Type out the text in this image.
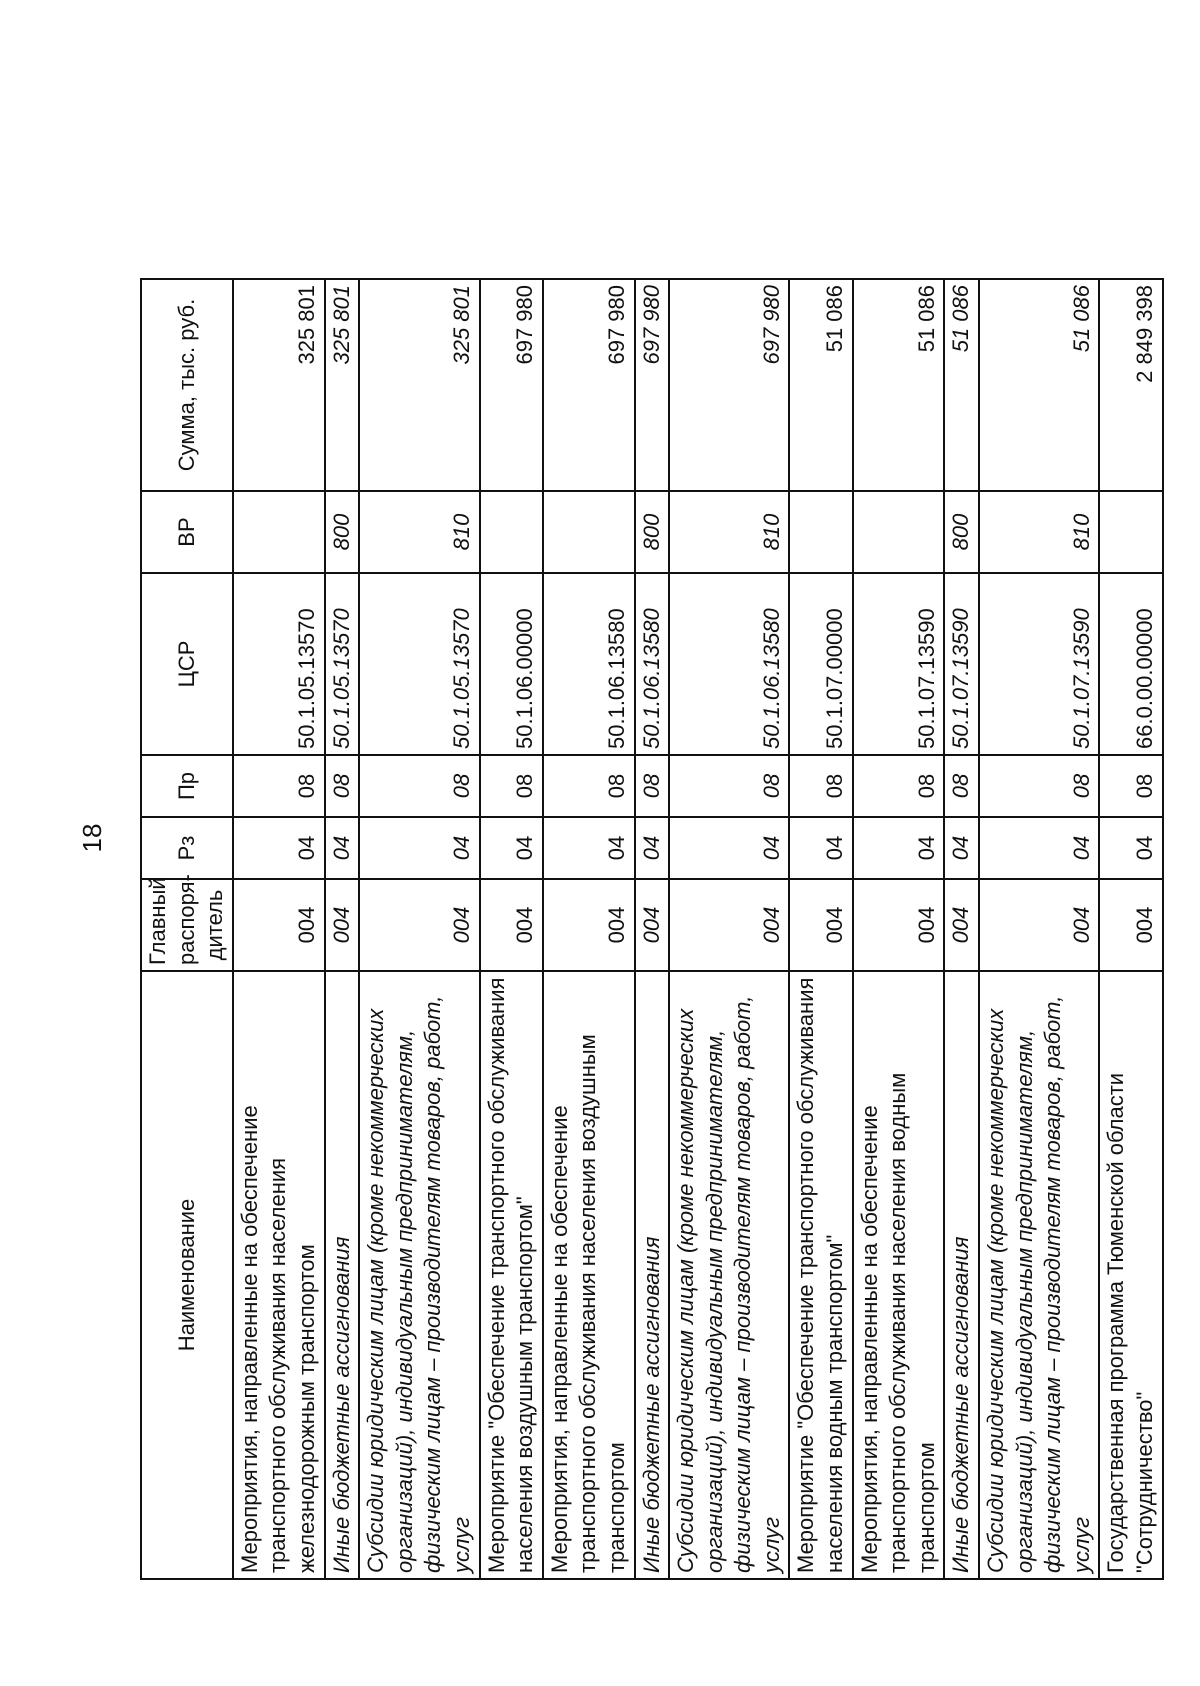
18
Наименование	Главный распоря-дитель	Рз	Пр	ЦСР	ВР	Сумма, тыс. руб.
Мероприятия, направленные на обеспечение транспортного обслуживания населения железнодорожным транспортом	004	04	08	50.1.05.13570		325 801
Иные бюджетные ассигнования	004	04	08	50.1.05.13570	800	325 801
Субсидии юридическим лицам (кроме некоммерческих организаций), индивидуальным предпринимателям, физическим лицам – производителям товаров, работ, услуг	004	04	08	50.1.05.13570	810	325 801
Мероприятие "Обеспечение транспортного обслуживания населения воздушным транспортом"	004	04	08	50.1.06.00000		697 980
Мероприятия, направленные на обеспечение транспортного обслуживания населения воздушным транспортом	004	04	08	50.1.06.13580		697 980
Иные бюджетные ассигнования	004	04	08	50.1.06.13580	800	697 980
Субсидии юридическим лицам (кроме некоммерческих организаций), индивидуальным предпринимателям, физическим лицам – производителям товаров, работ, услуг	004	04	08	50.1.06.13580	810	697 980
Мероприятие "Обеспечение транспортного обслуживания населения водным транспортом"	004	04	08	50.1.07.00000		51 086
Мероприятия, направленные на обеспечение транспортного обслуживания населения водным транспортом	004	04	08	50.1.07.13590		51 086
Иные бюджетные ассигнования	004	04	08	50.1.07.13590	800	51 086
Субсидии юридическим лицам (кроме некоммерческих организаций), индивидуальным предпринимателям, физическим лицам – производителям товаров, работ, услуг	004	04	08	50.1.07.13590	810	51 086
Государственная программа Тюменской области "Сотрудничество"	004	04	08	66.0.00.00000		2 849 398
